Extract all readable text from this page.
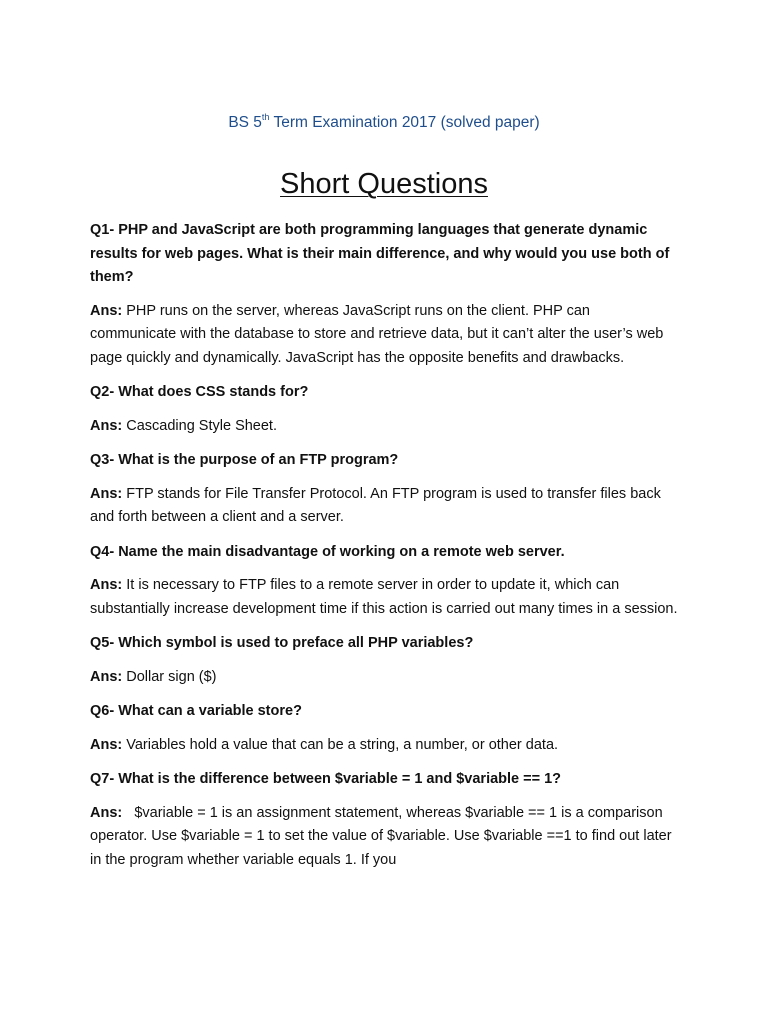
BS 5th Term Examination 2017 (solved paper)
Short Questions

Q1- PHP and JavaScript are both programming languages that generate dynamic results for web pages. What is their main difference, and why would you use both of them?

Ans: PHP runs on the server, whereas JavaScript runs on the client. PHP can communicate with the database to store and retrieve data, but it can’t alter the user’s web page quickly and dynamically. JavaScript has the opposite benefits and drawbacks.

Q2- What does CSS stands for?

Ans: Cascading Style Sheet.

Q3- What is the purpose of an FTP program?

Ans: FTP stands for File Transfer Protocol. An FTP program is used to transfer files back and forth between a client and a server.

Q4- Name the main disadvantage of working on a remote web server.

Ans: It is necessary to FTP files to a remote server in order to update it, which can substantially increase development time if this action is carried out many times in a session.

Q5- Which symbol is used to preface all PHP variables?

Ans: Dollar sign ($)

Q6- What can a variable store?

Ans: Variables hold a value that can be a string, a number, or other data.

Q7- What is the difference between $variable = 1 and $variable == 1?

Ans:   $variable = 1 is an assignment statement, whereas $variable == 1 is a comparison operator. Use $variable = 1 to set the value of $variable. Use $variable ==1 to find out later in the program whether variable equals 1. If you
